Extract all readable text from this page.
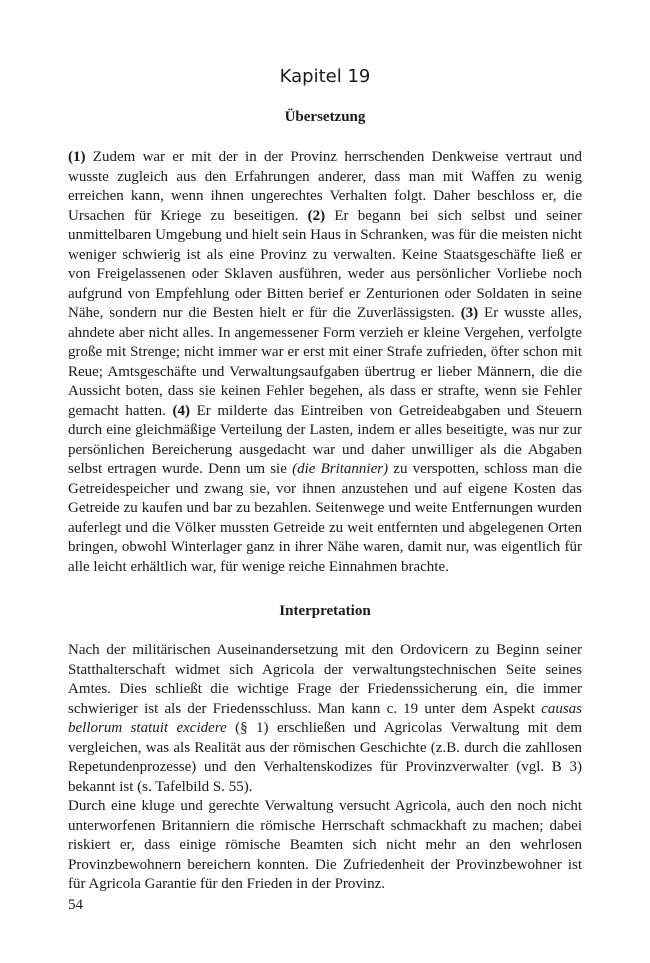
Kapitel 19
Übersetzung

(1) Zudem war er mit der in der Provinz herrschenden Denkweise vertraut und wusste zugleich aus den Erfahrungen anderer, dass man mit Waffen zu wenig erreichen kann, wenn ihnen ungerechtes Verhalten folgt. Daher beschloss er, die Ursachen für Kriege zu beseitigen. (2) Er begann bei sich selbst und seiner unmittelbaren Umgebung und hielt sein Haus in Schranken, was für die meisten nicht weniger schwierig ist als eine Provinz zu verwalten. Keine Staatsgeschäfte ließ er von Freigelassenen oder Sklaven ausführen, weder aus persönlicher Vorliebe noch aufgrund von Empfehlung oder Bitten berief er Zenturionen oder Soldaten in seine Nähe, sondern nur die Besten hielt er für die Zuverlässigsten. (3) Er wusste alles, ahndete aber nicht alles. In angemessener Form verzieh er kleine Vergehen, verfolgte große mit Strenge; nicht immer war er erst mit einer Strafe zufrieden, öfter schon mit Reue; Amtsgeschäfte und Verwaltungsaufgaben übertrug er lieber Männern, die die Aussicht boten, dass sie keinen Fehler begehen, als dass er strafte, wenn sie Fehler gemacht hatten. (4) Er milderte das Eintreiben von Getreideabgaben und Steuern durch eine gleichmäßige Verteilung der Lasten, indem er alles beseitigte, was nur zur persönlichen Bereicherung ausgedacht war und daher unwilliger als die Abgaben selbst ertragen wurde. Denn um sie (die Britannier) zu verspotten, schloss man die Getreidespeicher und zwang sie, vor ihnen anzustehen und auf eigene Kosten das Getreide zu kaufen und bar zu bezahlen. Seitenwege und weite Entfernungen wurden auferlegt und die Völker mussten Getreide zu weit entfernten und abgelegenen Orten bringen, obwohl Winterlager ganz in ihrer Nähe waren, damit nur, was eigentlich für alle leicht erhältlich war, für wenige reiche Einnahmen brachte.

Interpretation

Nach der militärischen Auseinandersetzung mit den Ordovicern zu Beginn seiner Statthalterschaft widmet sich Agricola der verwaltungstechnischen Seite seines Amtes. Dies schließt die wichtige Frage der Friedenssicherung ein, die immer schwieriger ist als der Friedensschluss. Man kann c. 19 unter dem Aspekt causas bellorum statuit excidere (§ 1) erschließen und Agricolas Verwaltung mit dem vergleichen, was als Realität aus der römischen Geschichte (z.B. durch die zahllosen Repetundenprozesse) und den Verhaltenskodizes für Provinzverwalter (vgl. B 3) bekannt ist (s. Tafelbild S. 55).
Durch eine kluge und gerechte Verwaltung versucht Agricola, auch den noch nicht unterworfenen Britanniern die römische Herrschaft schmackhaft zu machen; dabei riskiert er, dass einige römische Beamten sich nicht mehr an den wehrlosen Provinzbewohnern bereichern konnten. Die Zufriedenheit der Provinzbewohner ist für Agricola Garantie für den Frieden in der Provinz.

54
